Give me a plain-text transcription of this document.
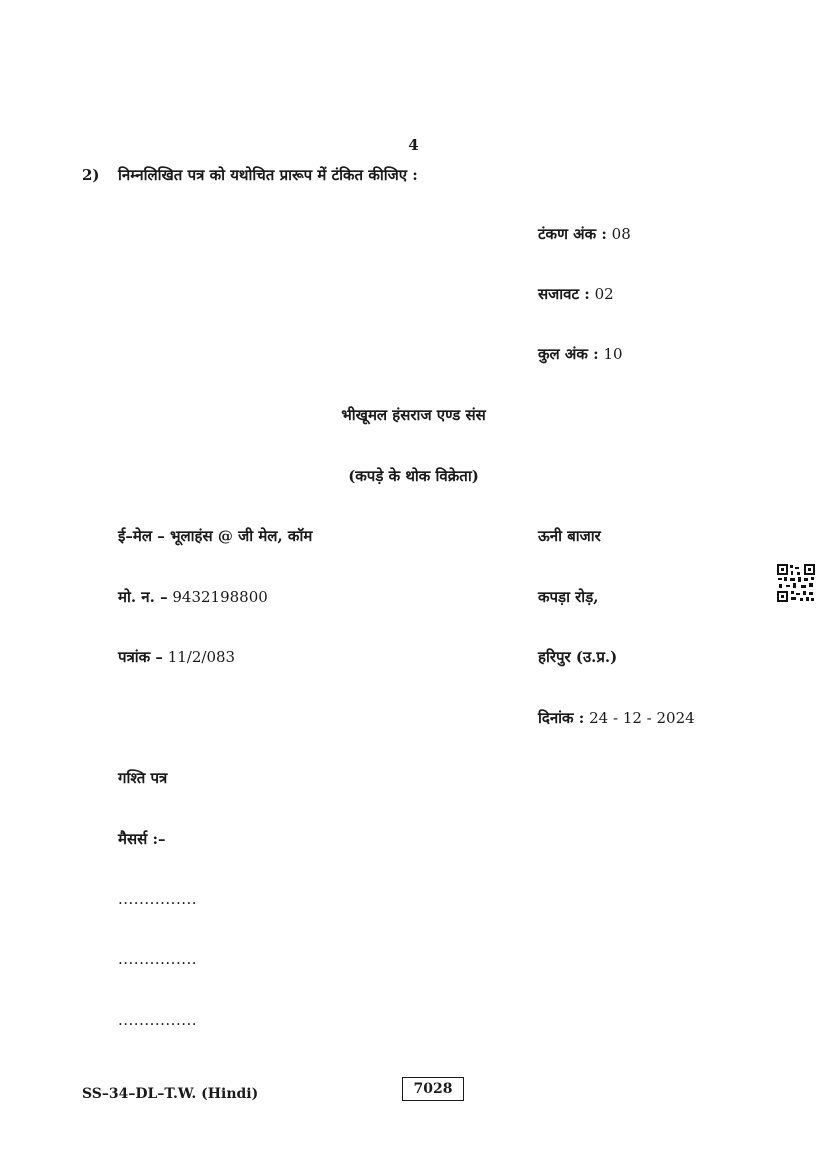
4
2) निम्नलिखित पत्र को यथोचित प्रारूप में टंकित कीजिए :
टंकण अंक : 08
सजावट : 02
कुल अंक : 10
भीखूमल हंसराज एण्ड संस
(कपड़े के थोक विक्रेता)
ई–मेल – भूलाहंस @ जी मेल, कॉम
मो. न. – 9432198800
पत्रांक – 11/2/083
ऊनी बाजार
कपड़ा रोड़,
हरिपुर (उ.प्र.)
दिनांक : 24 - 12 - 2024
गश्ति पत्र
मैसर्स :–
...............
...............
...............
SS–34–DL–T.W. (Hindi)	7028
